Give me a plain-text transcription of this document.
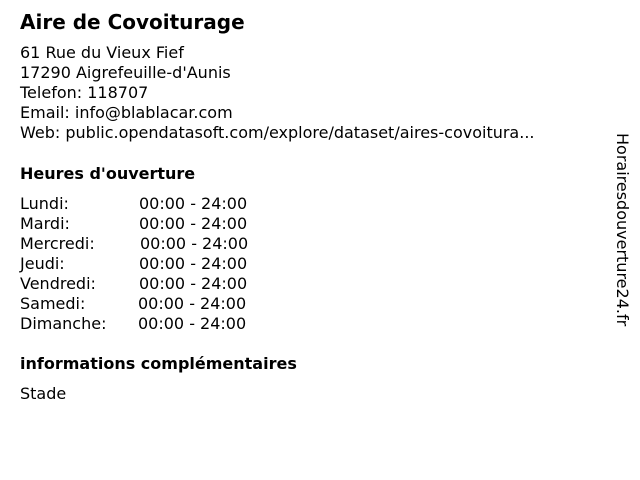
Aire de Covoiturage
61 Rue du Vieux Fief
17290 Aigrefeuille-d'Aunis
Telefon: 118707
Email: info@blablacar.com
Web: public.opendatasoft.com/explore/dataset/aires-covoitura...
Heures d'ouverture
Lundi:	00:00 - 24:00
Mardi:	00:00 - 24:00
Mercredi:	00:00 - 24:00
Jeudi:	00:00 - 24:00
Vendredi:	00:00 - 24:00
Samedi:	00:00 - 24:00
Dimanche: 00:00 - 24:00
informations complémentaires
Stade
Horairesdouverture24.fr
